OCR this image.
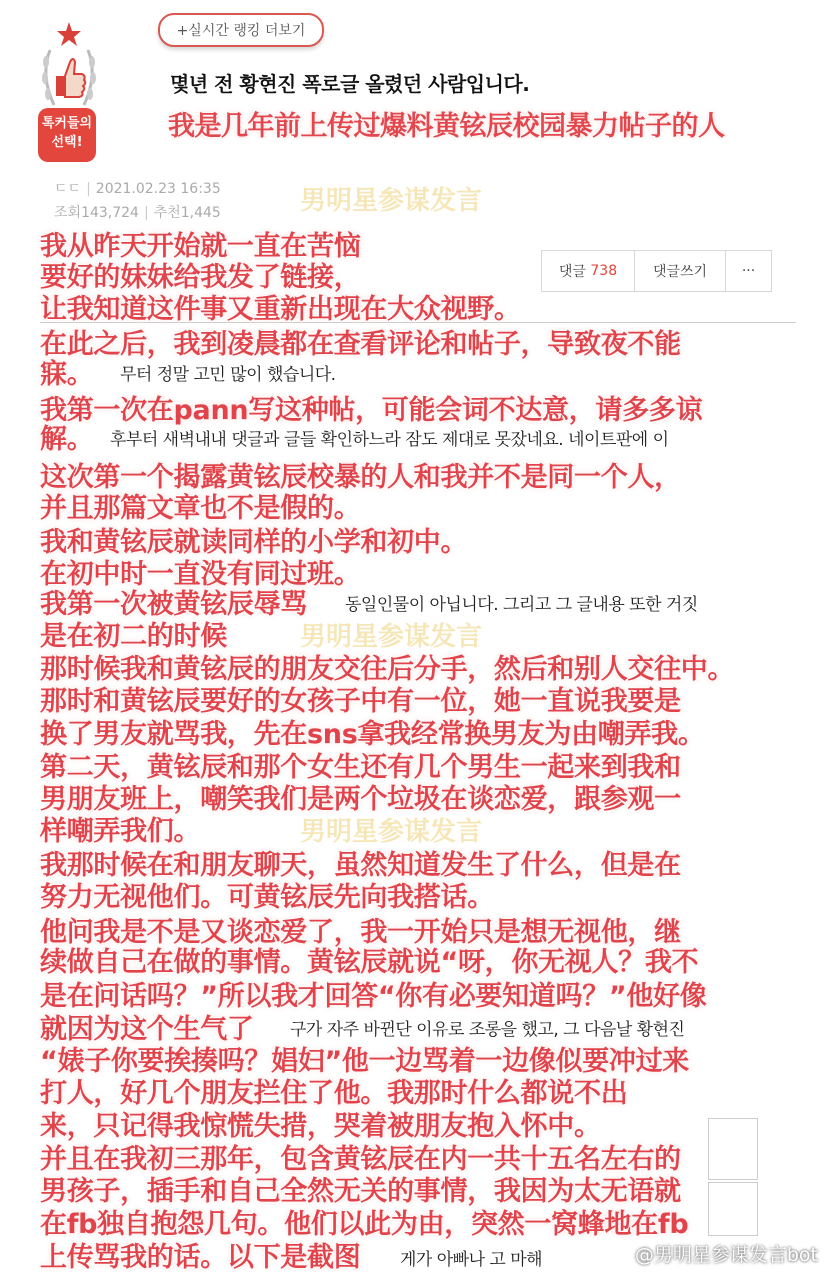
+실시간 랭킹 더보기
톡커들의
선택!
몇년 전 황현진 폭로글 올렸던 사람입니다.
我是几年前上传过爆料黄铉辰校园暴力帖子的人
ㄷㄷ | 2021.02.23 16:35
조회143,724 | 추천1,445
댓글
738	댓글쓰기	···
男明星参谋发言
男明星参谋发言
男明星参谋发言
무터 정말 고민 많이 했습니다.
후부터 새벽내내 댓글과 글들 확인하느라 잠도 제대로 못잤네요. 네이트판에 이
동일인물이 아닙니다. 그리고 그 글내용 또한 거짓
구가 자주 바뀐단 이유로 조롱을 했고, 그 다음날 황현진
게가 아빠나 고 마해
我从昨天开始就一直在苦恼
要好的妹妹给我发了链接，
让我知道这件事又重新出现在大众视野。
在此之后，我到凌晨都在查看评论和帖子，导致夜不能
寐。
我第一次在pann写这种帖，可能会词不达意，请多多谅
解。
这次第一个揭露黄铉辰校暴的人和我并不是同一个人，
并且那篇文章也不是假的。
我和黄铉辰就读同样的小学和初中。
在初中时一直没有同过班。
我第一次被黄铉辰辱骂
是在初二的时候
那时候我和黄铉辰的朋友交往后分手，然后和别人交往中。
那时和黄铉辰要好的女孩子中有一位，她一直说我要是
换了男友就骂我，先在sns拿我经常换男友为由嘲弄我。
第二天，黄铉辰和那个女生还有几个男生一起来到我和
男朋友班上，嘲笑我们是两个垃圾在谈恋爱，跟参观一
样嘲弄我们。
我那时候在和朋友聊天，虽然知道发生了什么，但是在
努力无视他们。可黄铉辰先向我搭话。
他问我是不是又谈恋爱了，我一开始只是想无视他，继
续做自己在做的事情。黄铉辰就说“呀，你无视人？我不
是在问话吗？”所以我才回答“你有必要知道吗？”他好像
就因为这个生气了
“婊子你要挨揍吗？娼妇”他一边骂着一边像似要冲过来
打人，好几个朋友拦住了他。我那时什么都说不出
来，只记得我惊慌失措，哭着被朋友抱入怀中。
并且在我初三那年，包含黄铉辰在内一共十五名左右的
男孩子，插手和自己全然无关的事情，我因为太无语就
在fb独自抱怨几句。他们以此为由，突然一窝蜂地在fb
上传骂我的话。以下是截图	@男明星参谋发言bot
